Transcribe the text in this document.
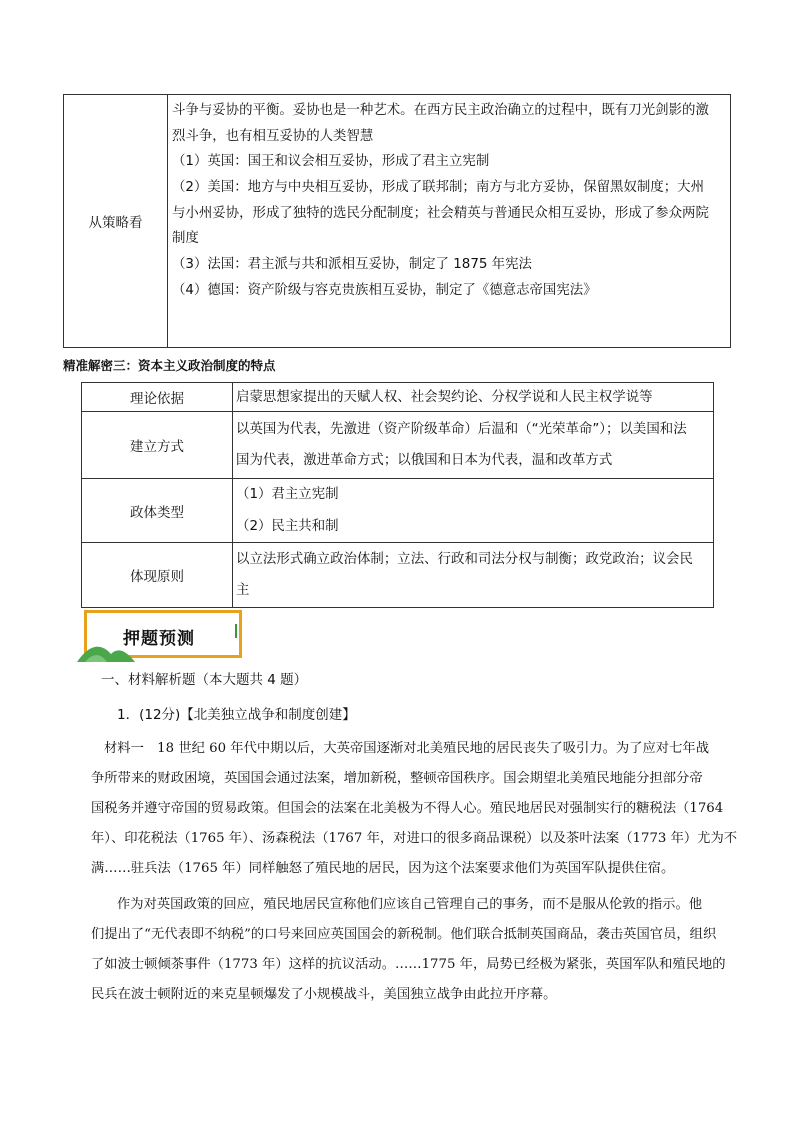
从策略看
斗争与妥协的平衡。妥协也是一种艺术。在西方民主政治确立的过程中，既有刀光剑影的激
烈斗争，也有相互妥协的人类智慧
（1）英国：国王和议会相互妥协，形成了君主立宪制
（2）美国：地方与中央相互妥协，形成了联邦制；南方与北方妥协，保留黑奴制度；大州
与小州妥协，形成了独特的选民分配制度；社会精英与普通民众相互妥协，形成了参众两院
制度
（3）法国：君主派与共和派相互妥协，制定了 1875 年宪法
（4）德国：资产阶级与容克贵族相互妥协，制定了《德意志帝国宪法》
精准解密三：资本主义政治制度的特点
理论依据	启蒙思想家提出的天赋人权、社会契约论、分权学说和人民主权学说等

建立方式	以英国为代表，先激进（资产阶级革命）后温和（“光荣革命”）；以美国和法
国为代表，激进革命方式；以俄国和日本为代表，温和改革方式

政体类型	（1）君主立宪制
（2）民主共和制

体现原则	以立法形式确立政治体制；立法、行政和司法分权与制衡；政党政治；议会民
主
押题预测
一、材料解析题（本大题共 4 题）
1．(12分)【北美独立战争和制度创建】
材料一　18 世纪 60 年代中期以后，大英帝国逐渐对北美殖民地的居民丧失了吸引力。为了应对七年战
争所带来的财政困境，英国国会通过法案，增加新税，整顿帝国秩序。国会期望北美殖民地能分担部分帝
国税务并遵守帝国的贸易政策。但国会的法案在北美极为不得人心。殖民地居民对强制实行的糖税法（1764
年）、印花税法（1765 年）、汤森税法（1767 年，对进口的很多商品课税）以及茶叶法案（1773 年）尤为不
满……驻兵法（1765 年）同样触怒了殖民地的居民，因为这个法案要求他们为英国军队提供住宿。
作为对英国政策的回应，殖民地居民宣称他们应该自己管理自己的事务，而不是服从伦敦的指示。他
们提出了“无代表即不纳税”的口号来回应英国国会的新税制。他们联合抵制英国商品，袭击英国官员，组织
了如波士顿倾茶事件（1773 年）这样的抗议活动。……1775 年，局势已经极为紧张，英国军队和殖民地的
民兵在波士顿附近的来克星顿爆发了小规模战斗，美国独立战争由此拉开序幕。
